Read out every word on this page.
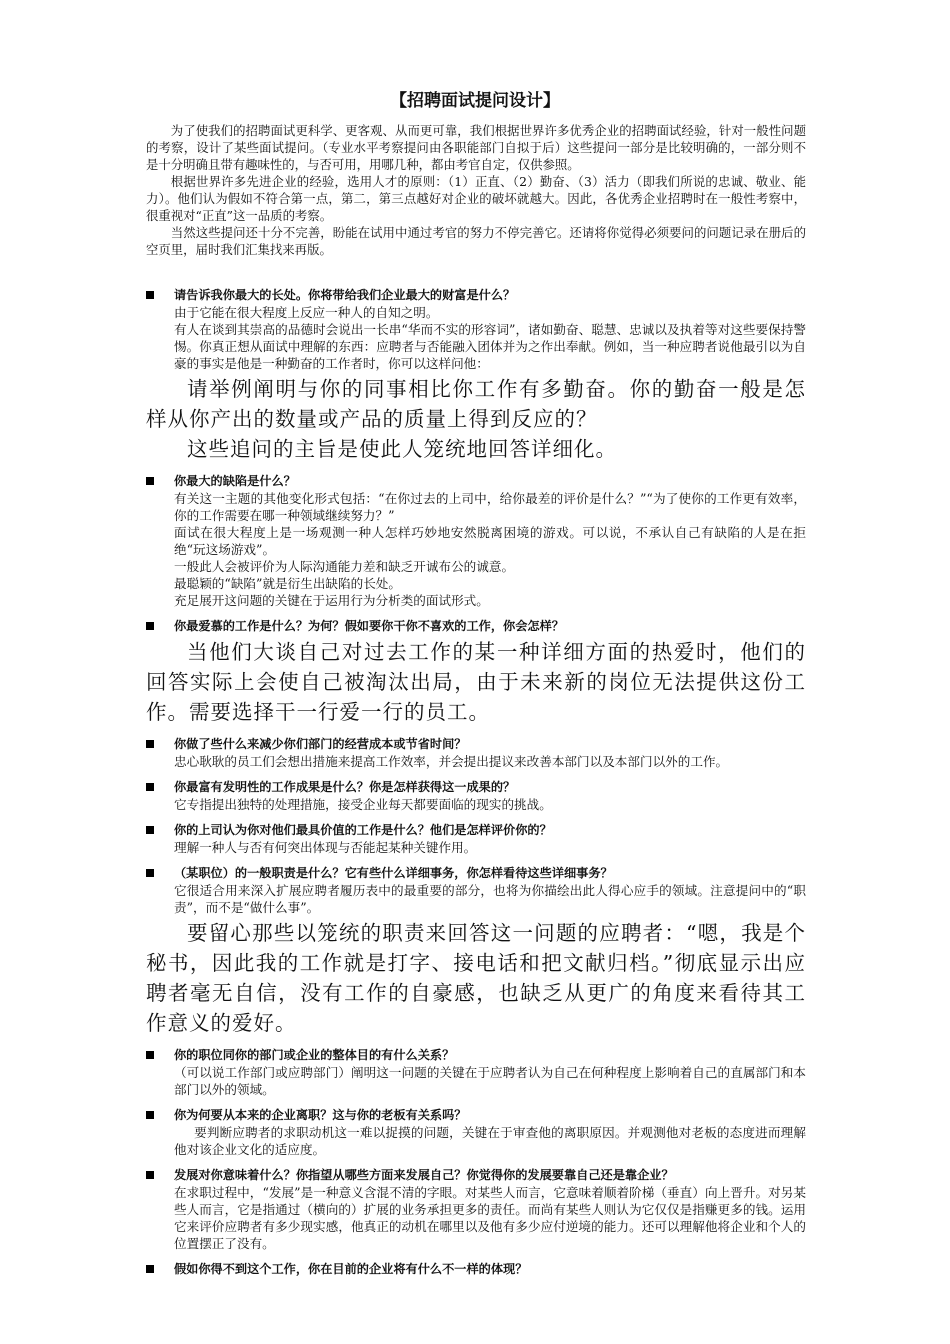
【招聘面试提问设计】

为了使我们的招聘面试更科学、更客观、从而更可靠，我们根据世界许多优秀企业的招聘面试经验，针对一般性问题的考察，设计了某些面试提问。（专业水平考察提问由各职能部门自拟于后）这些提问一部分是比较明确的，一部分则不是十分明确且带有趣味性的，与否可用，用哪几种，都由考官自定，仅供参照。

根据世界许多先进企业的经验，选用人才的原则：（1）正直、（2）勤奋、（3）活力（即我们所说的忠诚、敬业、能力）。他们认为假如不符合第一点，第二，第三点越好对企业的破坏就越大。因此，各优秀企业招聘时在一般性考察中，很重视对“正直”这一品质的考察。

当然这些提问还十分不完善，盼能在试用中通过考官的努力不停完善它。还请将你觉得必须要问的问题记录在册后的空页里，届时我们汇集找来再版。

请告诉我你最大的长处。你将带给我们企业最大的财富是什么？

由于它能在很大程度上反应一种人的自知之明。

有人在谈到其崇高的品德时会说出一长串“华而不实的形容词”，诸如勤奋、聪慧、忠诚以及执着等对这些要保持警惕。你真正想从面试中理解的东西：应聘者与否能融入团体并为之作出奉献。例如，当一种应聘者说他最引以为自豪的事实是他是一种勤奋的工作者时，你可以这样问他：

请举例阐明与你的同事相比你工作有多勤奋。你的勤奋一般是怎样从你产出的数量或产品的质量上得到反应的？

这些追问的主旨是使此人笼统地回答详细化。

你最大的缺陷是什么？

有关这一主题的其他变化形式包括：“在你过去的上司中，给你最差的评价是什么？”“为了使你的工作更有效率，你的工作需要在哪一种领域继续努力？”

面试在很大程度上是一场观测一种人怎样巧妙地安然脱离困境的游戏。可以说，不承认自己有缺陷的人是在拒绝“玩这场游戏”。

一般此人会被评价为人际沟通能力差和缺乏开诚布公的诚意。

最聪颖的“缺陷”就是衍生出缺陷的长处。

充足展开这问题的关键在于运用行为分析类的面试形式。

你最爱慕的工作是什么？为何？假如要你干你不喜欢的工作，你会怎样？

当他们大谈自己对过去工作的某一种详细方面的热爱时，他们的回答实际上会使自己被淘汰出局，由于未来新的岗位无法提供这份工作。需要选择干一行爱一行的员工。

你做了些什么来减少你们部门的经营成本或节省时间？

忠心耿耿的员工们会想出措施来提高工作效率，并会提出提议来改善本部门以及本部门以外的工作。

你最富有发明性的工作成果是什么？你是怎样获得这一成果的？

它专指提出独特的处理措施，接受企业每天都要面临的现实的挑战。

你的上司认为你对他们最具价值的工作是什么？他们是怎样评价你的？

理解一种人与否有何突出体现与否能起某种关键作用。

（某职位）的一般职责是什么？它有些什么详细事务，你怎样看待这些详细事务？

它很适合用来深入扩展应聘者履历表中的最重要的部分，也将为你描绘出此人得心应手的领域。注意提问中的“职责”，而不是“做什么事”。

要留心那些以笼统的职责来回答这一问题的应聘者：“嗯，我是个秘书，因此我的工作就是打字、接电话和把文献归档。”彻底显示出应聘者毫无自信，没有工作的自豪感，也缺乏从更广的角度来看待其工作意义的爱好。

你的职位同你的部门或企业的整体目的有什么关系？

（可以说工作部门或应聘部门）阐明这一问题的关键在于应聘者认为自己在何种程度上影响着自己的直属部门和本部门以外的领域。

你为何要从本来的企业离职？这与你的老板有关系吗？

要判断应聘者的求职动机这一难以捉摸的问题，关键在于审查他的离职原因。并观测他对老板的态度进而理解他对该企业文化的适应度。

发展对你意味着什么？你指望从哪些方面来发展自己？你觉得你的发展要靠自己还是靠企业？

在求职过程中，“发展”是一种意义含混不清的字眼。对某些人而言，它意味着顺着阶梯（垂直）向上晋升。对另某些人而言，它是指通过（横向的）扩展的业务承担更多的责任。而尚有某些人则认为它仅仅是指赚更多的钱。运用它来评价应聘者有多少现实感，他真正的动机在哪里以及他有多少应付逆境的能力。还可以理解他将企业和个人的位置摆正了没有。

假如你得不到这个工作，你在目前的企业将有什么不一样的体现？
